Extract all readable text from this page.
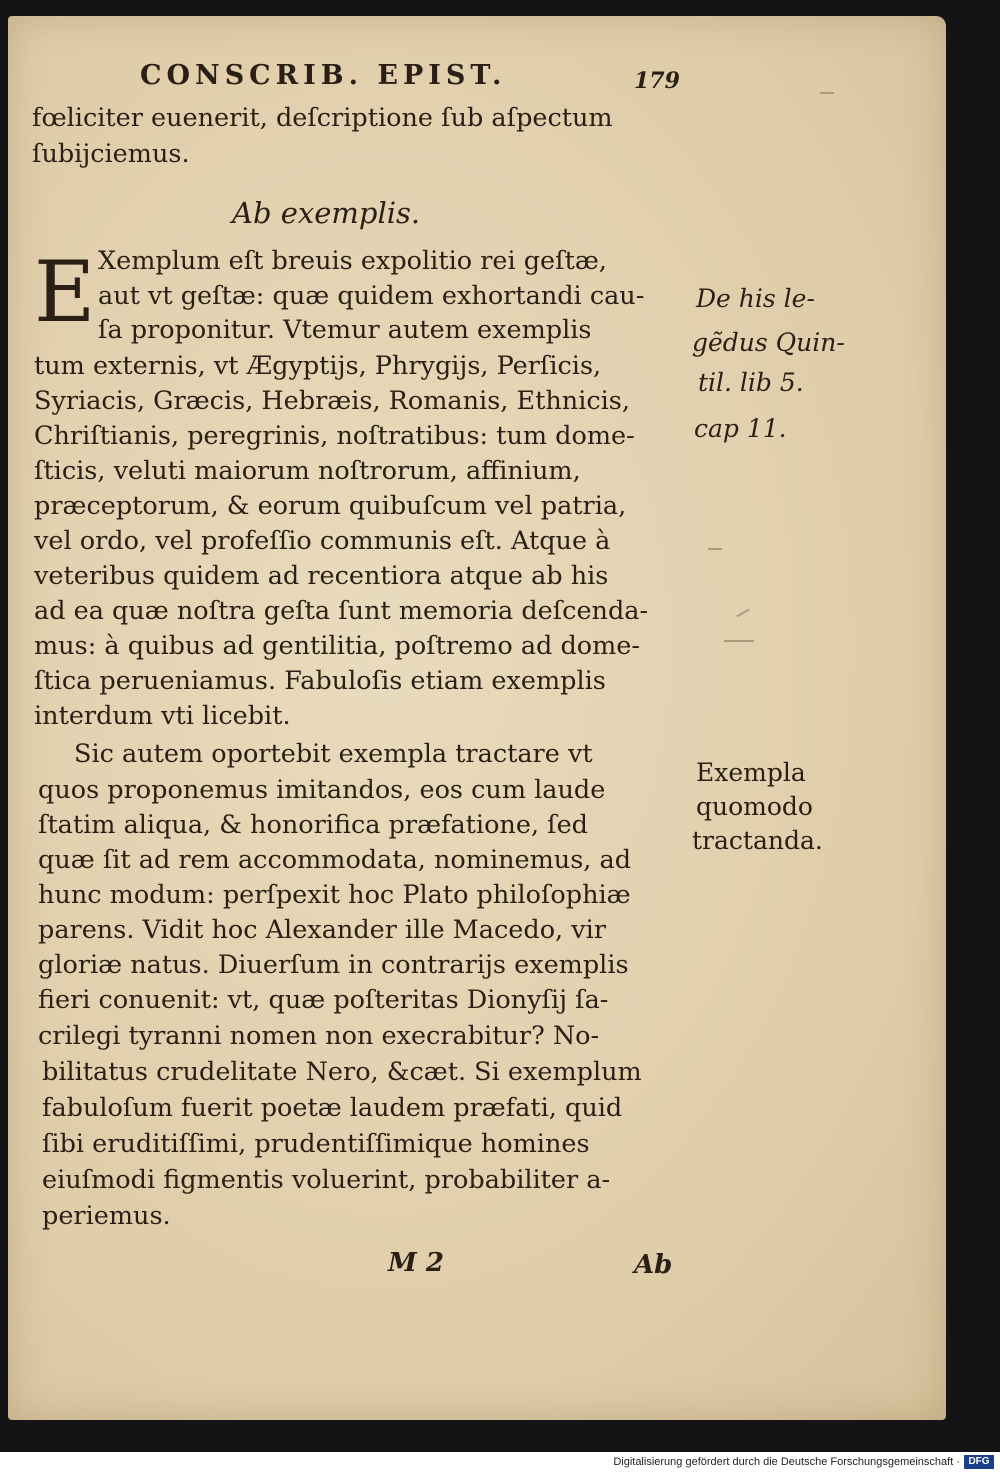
CONSCRIB. EPIST.	179
fœliciter euenerit, deſcriptione ſub aſpectum
ſubijciemus.
Ab exemplis.
E Xemplum eſt breuis expolitio rei geſtæ,
aut vt geſtæ: quæ quidem exhortandi cau-
ſa proponitur. Vtemur autem exemplis
tum externis, vt Ægyptijs, Phrygijs, Perſicis,
Syriacis, Græcis, Hebræis, Romanis, Ethnicis,
Chriſtianis, peregrinis, noſtratibus: tum dome-
ſticis, veluti maiorum noſtrorum, affinium,
præceptorum, & eorum quibuſcum vel patria,
vel ordo, vel profeſſio communis eſt. Atque à
veteribus quidem ad recentiora atque ab his
ad ea quæ noſtra geſta ſunt memoria deſcenda-
mus: à quibus ad gentilitia, poſtremo ad dome-
ſtica perueniamus. Fabuloſis etiam exemplis
interdum vti licebit.
Sic autem oportebit exempla tractare vt
quos proponemus imitandos, eos cum laude
ſtatim aliqua, & honorifica præfatione, ſed
quæ ſit ad rem accommodata, nominemus, ad
hunc modum: perſpexit hoc Plato philoſophiæ
parens. Vidit hoc Alexander ille Macedo, vir
gloriæ natus. Diuerſum in contrarijs exemplis
fieri conuenit: vt, quæ poſteritas Dionyſij ſa-
crilegi tyranni nomen non execrabitur? No-
bilitatus crudelitate Nero, &cæt. Si exemplum
fabuloſum fuerit poetæ laudem præfati, quid
ſibi eruditiſſimi, prudentiſſimique homines
eiuſmodi figmentis voluerint, probabiliter a-
periemus.
De his le-
gẽdus Quin-
til. lib 5.
cap 11.
Exempla
quomodo
tractanda.
M 2	Ab
Digitalisierung gefördert durch die Deutsche Forschungsgemeinschaft · DFG
